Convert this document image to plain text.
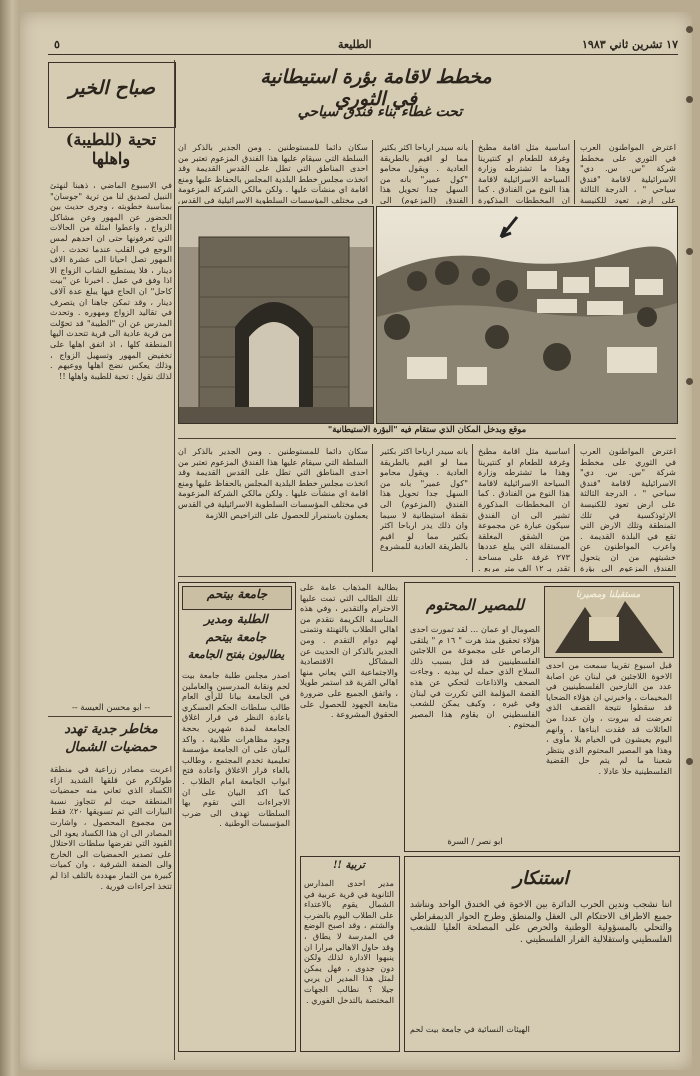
١٧ تشرين ثاني ١٩٨٣
الطليعة
٥
مخطط لاقامة بؤرة استيطانية في الثوري
تحت غطاء بناء فندق سياحي
اعترض المواطنون العرب في الثوري على مخطط شركة "س. س. دي" الاسرائيلية لاقامة "فندق سياحي " ، الدرجة الثالثة على ارض تعود للكنيسة
اساسية مثل اقامة مطبخ وغرفة للطعام او كنتيرينا وهذا ما تشترطه وزارة السياحة الاسرائيلية لاقامة هذا النوع من الفنادق . كما ان المخططات المذكورة
بانه سيدر ارباحا اكثر بكثير مما لو اقيم بالطريقة العادية . ويقول محامو "كول عمير" بانه من السهل جدا تحويل هذا الفندق (المزعوم) الى
سكان دائما للمستوطنين . ومن الجدير بالذكر ان السلطة التي سيقام عليها هذا الفندق المزعوم تعتبر من احدى المناطق التي تطل على القدس القديمة وقد اتخذت مجلس خطط البلدية المجلس بالحفاظ عليها ومنع اقامة اي منشآت عليها . ولكن مالكي الشركة المزعومة في مختلف المؤسسات السلطوية الاسرائيلية في القدس
موقع وبدخل المكان الذي ستقام فيه "البؤرة الاستيطانية"
اعترض المواطنون العرب في الثوري على مخطط شركة "س. س. دي" الاسرائيلية لاقامة "فندق سياحي " ، الدرجة الثالثة على ارض تعود للكنيسة الارثوذكسية في تلك المنطقة وتلك الارض التي تقع في البلدة القديمة . واعرب المواطنون عن خشيتهم من ان يتحول الفندق المزعوم الى بؤرة
اساسية مثل اقامة مطبخ وغرفة للطعام او كنتيرينا وهذا ما تشترطه وزارة السياحة الاسرائيلية لاقامة هذا النوع من الفنادق . كما ان المخططات المذكورة تشير الى ان الفندق سيكون عبارة عن مجموعة من الشقق المغلقة المستقلة التي يبلغ عددها ٢٧٣ غرفة على مساحة تقدر بـ ١٢ الف متر مربع .
بانه سيدر ارباحا اكثر بكثير مما لو اقيم بالطريقة العادية . ويقول محامو "كول عمير" بانه من السهل جدا تحويل هذا الفندق (المزعوم) الى نقطة استيطانية لا سيما وان ذلك يدر ارباحا اكثر بكثير مما لو اقيم بالطريقة العادية للمشروع .
سكان دائما للمستوطنين . ومن الجدير بالذكر ان السلطة التي سيقام عليها هذا الفندق المزعوم تعتبر من احدى المناطق التي تطل على القدس القديمة وقد اتخذت مجلس خطط البلدية المجلس بالحفاظ عليها ومنع اقامة اي منشآت عليها . ولكن مالكي الشركة المزعومة في مختلف المؤسسات السلطوية الاسرائيلية في القدس يعملون باستمرار للحصول على التراخيص اللازمة
صباح الخير
تحية (للطيبة) واهلها
في الاسبوع الماضي ، ذهبنا لنهتئ النبيل لصديق لنا من ترية "جوسان" بمناسبة خطوبته ، وجرى حديث بين الحضور عن المهور وعن مشاكل الزواج ، واعطوا امثلة من الحالات التي تعرفونها حتى ان احدهم لمس الوجع في القلب عندما تحدث . ان المهور تصل احيانا الى عشرة الاف دينار ، فلا يستطيع الشاب الزواج الا اذا وفق في عمل . اخبرنا عن "بيت كاحل" ان الحاج فيها يبلغ عدة آلاف دينار ، وقد تمكن جاهنا ان يتصرف في تقاليد الزواج ومهوره . وتحدث المدرس عن ان "الطيبة" قد تحوّلت من قرية عادية الى قرية تتحدث اليها المنطقة كلها ، اذ اتفق اهلها على تخفيض المهور وتسهيل الزواج ، وذلك يعكس نضج اهلها ووعيهم . لذلك نقول : تحية للطيبة واهلها !!
-- ابو محسن العيسة --
مخاطر جدية تهدد
حمضيات الشمال
اعربت مصادر زراعية في منطقة طولكرم عن قلقها الشديد ازاء الكساد الذي تعاني منه حمضيات المنطقة حيث لم تتجاوز نسبة البيارات التي تم تسويقها ٢٠٪ فقط من مجموع المحصول ، واشارت المصادر الى ان هذا الكساد يعود الى القيود التي تفرضها سلطات الاحتلال على تصدير الحمضيات الى الخارج والى الضفة الشرقية ، وان كميات كبيرة من الثمار مهددة بالتلف اذا لم تتخذ اجراءات فورية .
جامعة بيتحم
الطلبة ومدير
جامعة بيتحم
يطالبون بفتح الجامعة
اصدر مجلس طلبة جامعة بيت لحم ونقابة المدرسين والعاملين في الجامعة بيانا للرأي العام طالب سلطات الحكم العسكري باعادة النظر في قرار اغلاق الجامعة لمدة شهرين بحجة وجود مظاهرات طلابية ، واكد البيان على ان الجامعة مؤسسة تعليمية تخدم المجتمع ، وطالب بالغاء قرار الاغلاق واعادة فتح ابواب الجامعة امام الطلاب . كما اكد البيان على ان الاجراءات التي تقوم بها السلطات تهدف الى ضرب المؤسسات الوطنية .
بطالبة المذهاب عامة على تلك الطالب التي تمت عليها الاحترام والتقدير ، وفي هذه المناسبة الكريمة نتقدم من اهالي الطلاب بالتهنئة ونتمنى لهم دوام التقدم . ومن الجدير بالذكر ان الحديث عن المشاكل الاقتصادية والاجتماعية التي يعاني منها اهالي القرية قد استمر طويلا ، واتفق الجميع على ضرورة متابعة الجهود للحصول على الحقوق المشروعة .
مستقبلنا ومصيرنا
للمصير المحتوم
الصومال او عمان ... لقد تمورت احدى هؤلاء تحقيق منذ هرت " ١٦ م " يلتقى الرصاص على مجموعة من اللاجئين الفلسطينيين قد قتل بسبب ذلك السلاح الذي حمله لي بيديه . وجاءت الصحف والاذاعات لتحكي عن هذه القصة المؤلمة التي تكررت في لبنان وفي غيره ، وكيف يمكن للشعب الفلسطيني ان يقاوم هذا المصير المحتوم .
قبل اسبوع تقريبا سمعت من احدى الاخوة اللاجئين في لبنان عن اصابة عدد من النازحين الفلسطينيين في المخيمات ، واخبرني ان هؤلاء الضحايا قد سقطوا نتيجة القصف الذي تعرضت له بيروت ، وان عددا من العائلات قد فقدت ابناءها ، وانهم اليوم يعيشون في الخيام بلا مأوى ، وهذا هو المصير المحتوم الذي ينتظر شعبنا ما لم يتم حل القضية الفلسطينية حلا عادلا .
ابو نصر / السرة
تربية !!
مدير احدى المدارس الثانوية في قرية عربية في الشمال يقوم بالاعتداء على الطلاب اليوم بالضرب والشتم ، وقد اصبح الوضع في المدرسة لا يطاق ، وقد حاول الاهالي مرارا ان ينبهوا الادارة لذلك ولكن دون جدوى ، فهل يمكن لمثل هذا المدير ان يربي جيلا ؟ نطالب الجهات المختصة بالتدخل الفوري .
استنكار
اننا نشجب وندين الحرب الدائرة بين الاخوة في الخندق الواحد ونناشد جميع الاطراف الاحتكام الى العقل والمنطق وطرح الحوار الديمقراطي والتحلي بالمسؤولية الوطنية والحرص على المصلحة العليا للشعب الفلسطيني واستقلالية القرار الفلسطيني .
الهيئات النسائية في جامعة بيت لحم
